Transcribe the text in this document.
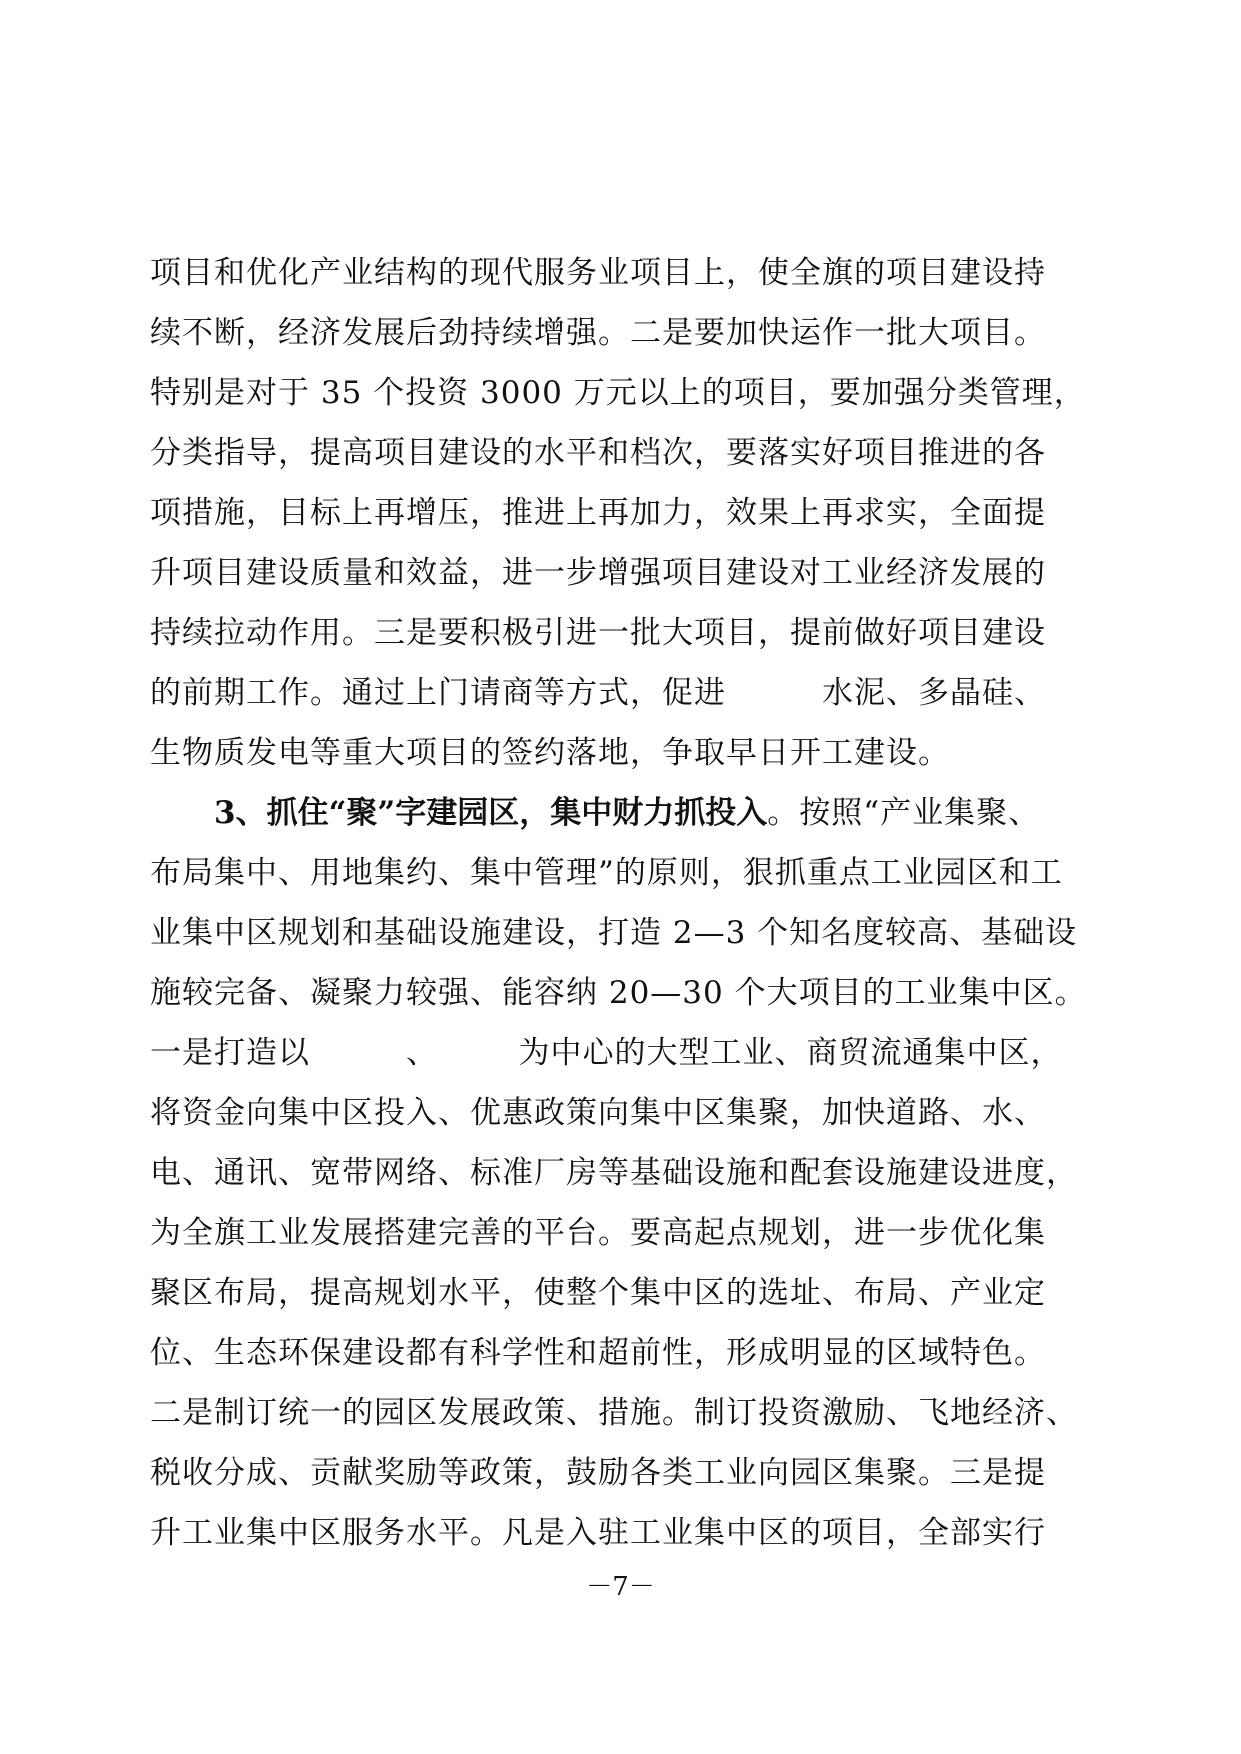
项目和优化产业结构的现代服务业项目上，使全旗的项目建设持
续不断，经济发展后劲持续增强。二是要加快运作一批大项目。
特别是对于 35 个投资 3000 万元以上的项目，要加强分类管理，
分类指导，提高项目建设的水平和档次，要落实好项目推进的各
项措施，目标上再增压，推进上再加力，效果上再求实，全面提
升项目建设质量和效益，进一步增强项目建设对工业经济发展的
持续拉动作用。三是要积极引进一批大项目，提前做好项目建设
的前期工作。通过上门请商等方式，促进　　　水泥、多晶硅、
生物质发电等重大项目的签约落地，争取早日开工建设。
　　3、抓住“聚”字建园区，集中财力抓投入。按照“产业集聚、
布局集中、用地集约、集中管理”的原则，狠抓重点工业园区和工
业集中区规划和基础设施建设，打造 2—3 个知名度较高、基础设
施较完备、凝聚力较强、能容纳 20—30 个大项目的工业集中区。
一是打造以　　　、　　　为中心的大型工业、商贸流通集中区，
将资金向集中区投入、优惠政策向集中区集聚，加快道路、水、
电、通讯、宽带网络、标准厂房等基础设施和配套设施建设进度，
为全旗工业发展搭建完善的平台。要高起点规划，进一步优化集
聚区布局，提高规划水平，使整个集中区的选址、布局、产业定
位、生态环保建设都有科学性和超前性，形成明显的区域特色。
二是制订统一的园区发展政策、措施。制订投资激励、飞地经济、
税收分成、贡献奖励等政策，鼓励各类工业向园区集聚。三是提
升工业集中区服务水平。凡是入驻工业集中区的项目，全部实行
－7－
